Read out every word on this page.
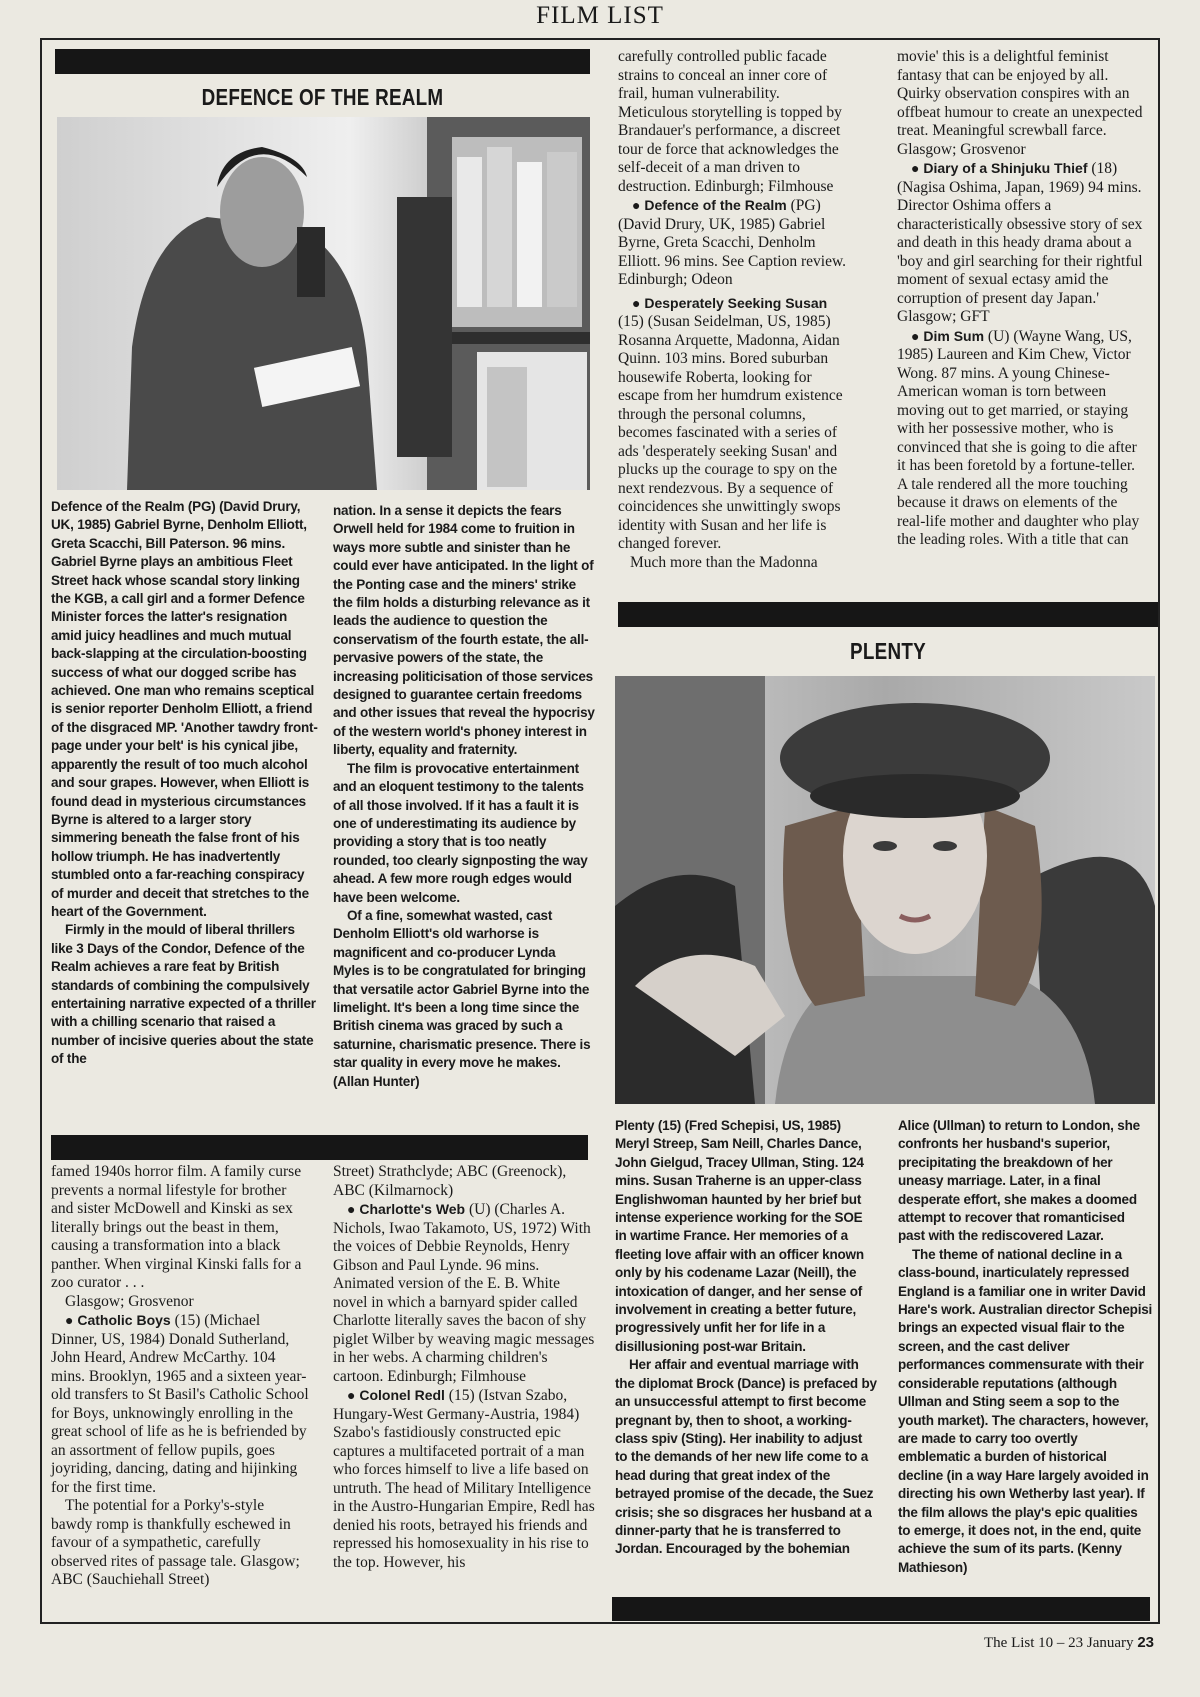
FILM LIST
DEFENCE OF THE REALM

Defence of the Realm (PG) (David Drury, UK, 1985) Gabriel Byrne, Denholm Elliott, Greta Scacchi, Bill Paterson. 96 mins. Gabriel Byrne plays an ambitious Fleet Street hack whose scandal story linking the KGB, a call girl and a former Defence Minister forces the latter's resignation amid juicy headlines and much mutual back-slapping at the circulation-boosting success of what our dogged scribe has achieved. One man who remains sceptical is senior reporter Denholm Elliott, a friend of the disgraced MP. 'Another tawdry front-page under your belt' is his cynical jibe, apparently the result of too much alcohol and sour grapes. However, when Elliott is found dead in mysterious circumstances Byrne is altered to a larger story simmering beneath the false front of his hollow triumph. He has inadvertently stumbled onto a far-reaching conspiracy of murder and deceit that stretches to the heart of the Government.

Firmly in the mould of liberal thrillers like 3 Days of the Condor, Defence of the Realm achieves a rare feat by British standards of combining the compulsively entertaining narrative expected of a thriller with a chilling scenario that raised a number of incisive queries about the state of the

nation. In a sense it depicts the fears Orwell held for 1984 come to fruition in ways more subtle and sinister than he could ever have anticipated. In the light of the Ponting case and the miners' strike the film holds a disturbing relevance as it leads the audience to question the conservatism of the fourth estate, the all-pervasive powers of the state, the increasing politicisation of those services designed to guarantee certain freedoms and other issues that reveal the hypocrisy of the western world's phoney interest in liberty, equality and fraternity.

The film is provocative entertainment and an eloquent testimony to the talents of all those involved. If it has a fault it is one of underestimating its audience by providing a story that is too neatly rounded, too clearly signposting the way ahead. A few more rough edges would have been welcome.

Of a fine, somewhat wasted, cast Denholm Elliott's old warhorse is magnificent and co-producer Lynda Myles is to be congratulated for bringing that versatile actor Gabriel Byrne into the limelight. It's been a long time since the British cinema was graced by such a saturnine, charismatic presence. There is star quality in every move he makes. (Allan Hunter)

carefully controlled public facade strains to conceal an inner core of frail, human vulnerability. Meticulous storytelling is topped by Brandauer's performance, a discreet tour de force that acknowledges the self-deceit of a man driven to destruction. Edinburgh; Filmhouse

● Defence of the Realm (PG) (David Drury, UK, 1985) Gabriel Byrne, Greta Scacchi, Denholm Elliott. 96 mins. See Caption review. Edinburgh; Odeon

● Desperately Seeking Susan (15) (Susan Seidelman, US, 1985) Rosanna Arquette, Madonna, Aidan Quinn. 103 mins. Bored suburban housewife Roberta, looking for escape from her humdrum existence through the personal columns, becomes fascinated with a series of ads 'desperately seeking Susan' and plucks up the courage to spy on the next rendezvous. By a sequence of coincidences she unwittingly swops identity with Susan and her life is changed forever.

Much more than the Madonna

movie' this is a delightful feminist fantasy that can be enjoyed by all. Quirky observation conspires with an offbeat humour to create an unexpected treat. Meaningful screwball farce. Glasgow; Grosvenor

● Diary of a Shinjuku Thief (18) (Nagisa Oshima, Japan, 1969) 94 mins. Director Oshima offers a characteristically obsessive story of sex and death in this heady drama about a 'boy and girl searching for their rightful moment of sexual ectasy amid the corruption of present day Japan.' Glasgow; GFT

● Dim Sum (U) (Wayne Wang, US, 1985) Laureen and Kim Chew, Victor Wong. 87 mins. A young Chinese-American woman is torn between moving out to get married, or staying with her possessive mother, who is convinced that she is going to die after it has been foretold by a fortune-teller. A tale rendered all the more touching because it draws on elements of the real-life mother and daughter who play the leading roles. With a title that can

PLENTY

Plenty (15) (Fred Schepisi, US, 1985) Meryl Streep, Sam Neill, Charles Dance, John Gielgud, Tracey Ullman, Sting. 124 mins. Susan Traherne is an upper-class Englishwoman haunted by her brief but intense experience working for the SOE in wartime France. Her memories of a fleeting love affair with an officer known only by his codename Lazar (Neill), the intoxication of danger, and her sense of involvement in creating a better future, progressively unfit her for life in a disillusioning post-war Britain.

Her affair and eventual marriage with the diplomat Brock (Dance) is prefaced by an unsuccessful attempt to first become pregnant by, then to shoot, a working-class spiv (Sting). Her inability to adjust to the demands of her new life come to a head during that great index of the betrayed promise of the decade, the Suez crisis; she so disgraces her husband at a dinner-party that he is transferred to Jordan. Encouraged by the bohemian

Alice (Ullman) to return to London, she confronts her husband's superior, precipitating the breakdown of her uneasy marriage. Later, in a final desperate effort, she makes a doomed attempt to recover that romanticised past with the rediscovered Lazar.

The theme of national decline in a class-bound, inarticulately repressed England is a familiar one in writer David Hare's work. Australian director Schepisi brings an expected visual flair to the screen, and the cast deliver performances commensurate with their considerable reputations (although Ullman and Sting seem a sop to the youth market). The characters, however, are made to carry too overtly emblematic a burden of historical decline (in a way Hare largely avoided in directing his own Wetherby last year). If the film allows the play's epic qualities to emerge, it does not, in the end, quite achieve the sum of its parts. (Kenny Mathieson)

famed 1940s horror film. A family curse prevents a normal lifestyle for brother and sister McDowell and Kinski as sex literally brings out the beast in them, causing a transformation into a black panther. When virginal Kinski falls for a zoo curator . . .

Glasgow; Grosvenor

● Catholic Boys (15) (Michael Dinner, US, 1984) Donald Sutherland, John Heard, Andrew McCarthy. 104 mins. Brooklyn, 1965 and a sixteen year-old transfers to St Basil's Catholic School for Boys, unknowingly enrolling in the great school of life as he is befriended by an assortment of fellow pupils, goes joyriding, dancing, dating and hijinking for the first time.

The potential for a Porky's-style bawdy romp is thankfully eschewed in favour of a sympathetic, carefully observed rites of passage tale. Glasgow; ABC (Sauchiehall Street)

Street) Strathclyde; ABC (Greenock), ABC (Kilmarnock)

● Charlotte's Web (U) (Charles A. Nichols, Iwao Takamoto, US, 1972) With the voices of Debbie Reynolds, Henry Gibson and Paul Lynde. 96 mins. Animated version of the E. B. White novel in which a barnyard spider called Charlotte literally saves the bacon of shy piglet Wilber by weaving magic messages in her webs. A charming children's cartoon. Edinburgh; Filmhouse

● Colonel Redl (15) (Istvan Szabo, Hungary-West Germany-Austria, 1984) Szabo's fastidiously constructed epic captures a multifaceted portrait of a man who forces himself to live a life based on untruth. The head of Military Intelligence in the Austro-Hungarian Empire, Redl has denied his roots, betrayed his friends and repressed his homosexuality in his rise to the top. However, his

The List 10 – 23 January 23
